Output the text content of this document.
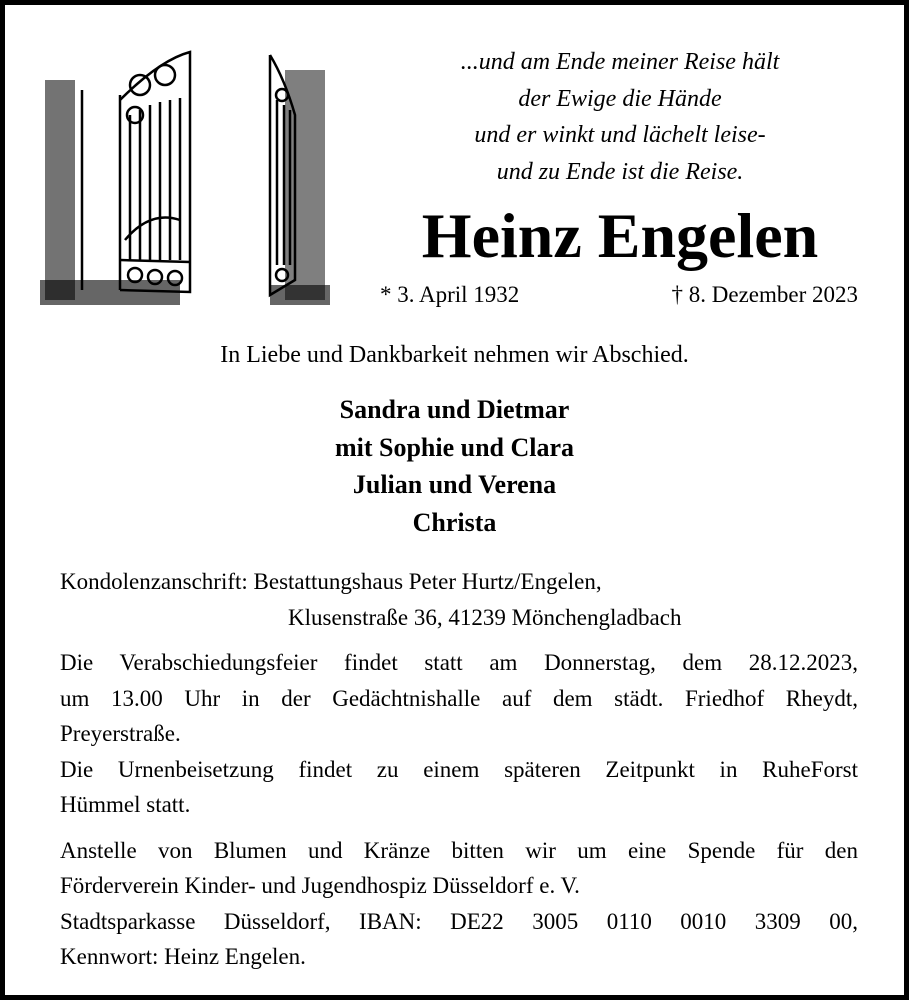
...und am Ende meiner Reise hält
der Ewige die Hände
und er winkt und lächelt leise-
und zu Ende ist die Reise.
Heinz Engelen
* 3. April 1932	† 8. Dezember 2023
In Liebe und Dankbarkeit nehmen wir Abschied.
Sandra und Dietmar
mit Sophie und Clara
Julian und Verena
Christa
Kondolenzanschrift: Bestattungshaus Peter Hurtz/Engelen,
Klusenstraße 36, 41239 Mönchengladbach
Die Verabschiedungsfeier findet statt am Donnerstag, dem 28.12.2023,
um 13.00 Uhr in der Gedächtnishalle auf dem städt. Friedhof Rheydt,
Preyerstraße.
Die Urnenbeisetzung findet zu einem späteren Zeitpunkt in RuheForst
Hümmel statt.
Anstelle von Blumen und Kränze bitten wir um eine Spende für den
Förderverein Kinder- und Jugendhospiz Düsseldorf e. V.
Stadtsparkasse Düsseldorf, IBAN: DE22 3005 0110 0010 3309 00,
Kennwort: Heinz Engelen.
